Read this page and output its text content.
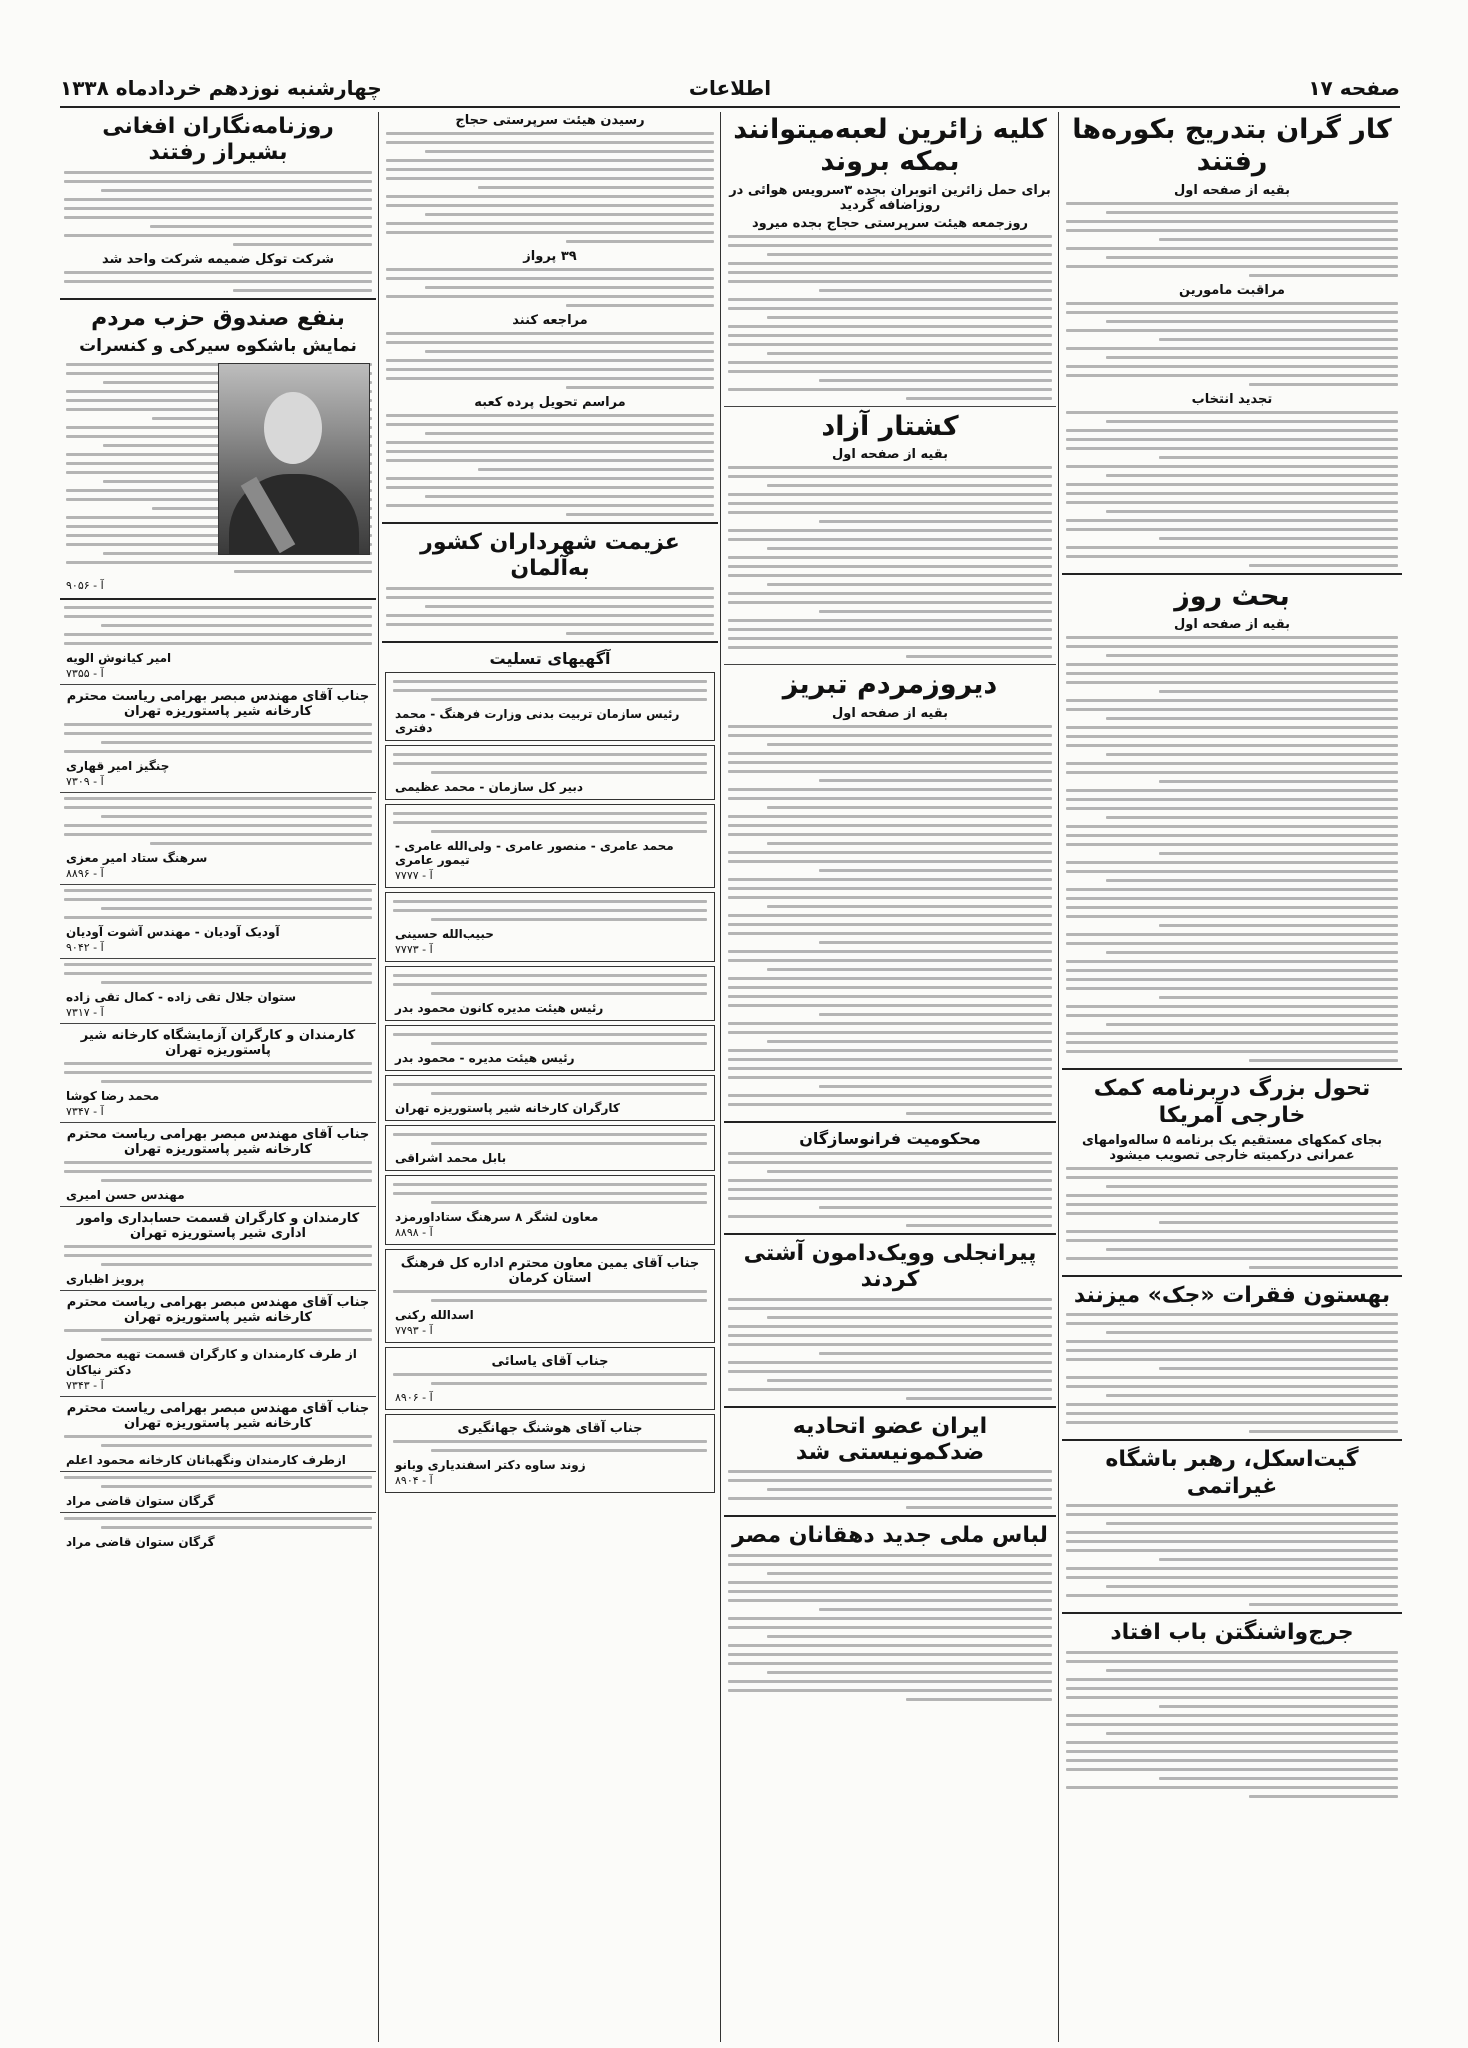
صفحه ۱۷
اطلاعات
چهارشنبه نوزدهم خردادماه ۱۳۳۸
کار گران بتدریج بکوره‌ها رفتند
بقیه از صفحه اول
مراقبت مامورین
تجدید انتخاب
بحث روز
بقیه از صفحه اول
تحول بزرگ دربرنامه کمک خارجی آمریکا
بجای کمکهای مستقیم یک برنامه ۵ ساله‌وامهای عمرانی درکمیته خارجی تصویب میشود
بهستون فقرات «جک» میزنند
گیت‌اسکل، رهبر باشگاه غیراتمی
جرج‌واشنگتن باب افتاد
کلیه زائرین لعبه‌میتوانند بمکه بروند
برای حمل زائرین اتوبران بجده ۳سرویس هوائی در روزاضافه گردید
روزجمعه هیئت سرپرستی حجاج بجده میرود
کشتار آزاد
بقیه از صفحه اول
دیروزمردم تبریز
بقیه از صفحه اول
محکومیت فرانوسازگان
پیرانجلی وویک‌دامون آشتی کردند
ایران عضو اتحادیه ضدکمونیستی شد
لباس ملی جدید دهقانان مصر
رسیدن هیئت سرپرستی حجاج
۳۹ پرواز
مراجعه کنند
مراسم تحویل پرده کعبه
عزیمت شهرداران کشور به‌آلمان
آگهیهای تسلیت
رئیس سازمان تربیت بدنی وزارت فرهنگ - محمد دفتری
دبیر کل سازمان - محمد عظیمی
محمد عامری - منصور عامری - ولی‌الله عامری - تیمور عامری
آ - ۷۷۷۷
حبیب‌الله حسینی
آ - ۷۷۷۳
رئیس هیئت مدیره کانون محمود بدر
رئیس هیئت مدیره - محمود بدر
کارگران کارخانه شیر پاستوریزه تهران
بابل محمد اشراقی
معاون لشگر ۸ سرهنگ ستاد‌اورمزد
آ - ۸۸۹۸
جناب آقای یمین معاون محترم اداره کل فرهنگ استان کرمان
اسدالله رکنی
آ - ۷۷۹۳
جناب آقای یاسائی
آ - ۸۹۰۶
جناب آقای هوشنگ جهانگیری
زوند ساوه دکتر اسفندیاری وبانو
آ - ۸۹۰۴
روزنامه‌نگاران افغانی بشیراز رفتند
شرکت توکل ضمیمه شرکت واحد شد
بنفع صندوق حزب مردم
نمایش باشکوه سیرکی و کنسرات
آ - ۹۰۵۶
امیر کیانوش الویه
آ - ۷۳۵۵
جناب آقای مهندس مبصر بهرامی ریاست محترم کارخانه شیر پاستوریزه تهران
چنگیز امیر قهاری
آ - ۷۳۰۹
سرهنگ ستاد امیر معزی
آ - ۸۸۹۶
آودیک آودیان - مهندس آشوت آودیان
آ - ۹۰۴۲
ستوان جلال تقی زاده - کمال تقی زاده
آ - ۷۳۱۷
کارمندان و کارگران آزمایشگاه کارخانه شیر پاستوریزه تهران
محمد رضا کوشا
آ - ۷۳۴۷
جناب آقای مهندس مبصر بهرامی ریاست محترم کارخانه شیر پاستوریزه تهران
مهندس حسن امیری
کارمندان و کارگران قسمت حسابداری وامور اداری شیر پاستوریزه تهران
پرویز اظباری
جناب آقای مهندس مبصر بهرامی ریاست محترم کارخانه شیر پاستوریزه تهران
از طرف کارمندان و کارگران قسمت تهیه محصول
دکتر نیاکان
آ - ۷۳۴۳
جناب آقای مهندس مبصر بهرامی ریاست محترم کارخانه شیر پاستوریزه تهران
ازطرف کارمندان ونگهبانان کارخانه محمود اعلم
گرگان ستوان قاضی مراد
گرگان ستوان قاضی مراد
